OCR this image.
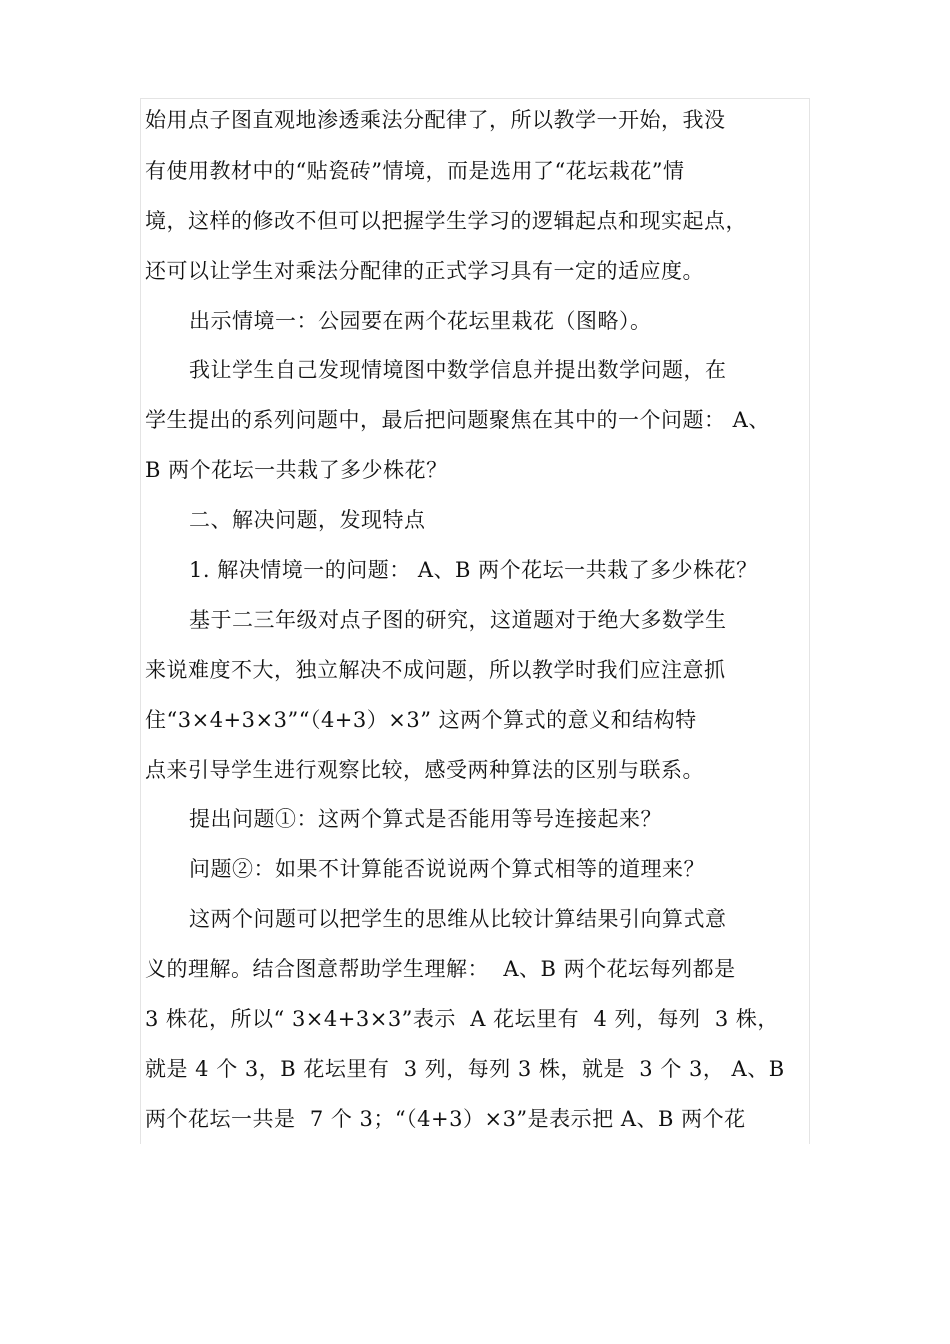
始用点子图直观地渗透乘法分配律了，所以教学一开始，我没
有使用教材中的“贴瓷砖”情境，而是选用了“花坛栽花”情
境，这样的修改不但可以把握学生学习的逻辑起点和现实起点，
还可以让学生对乘法分配律的正式学习具有一定的适应度。
出示情境一：公园要在两个花坛里栽花（图略）。
我让学生自己发现情境图中数学信息并提出数学问题，在
学生提出的系列问题中，最后把问题聚焦在其中的一个问题： A、
B 两个花坛一共栽了多少株花？
二、解决问题，发现特点
1. 解决情境一的问题： A、B 两个花坛一共栽了多少株花？
基于二三年级对点子图的研究，这道题对于绝大多数学生
来说难度不大，独立解决不成问题，所以教学时我们应注意抓
住“3×4+3×3”“（4+3）×3” 这两个算式的意义和结构特
点来引导学生进行观察比较，感受两种算法的区别与联系。
提出问题①：这两个算式是否能用等号连接起来？
问题②：如果不计算能否说说两个算式相等的道理来？
这两个问题可以把学生的思维从比较计算结果引向算式意
义的理解。结合图意帮助学生理解：  A、B 两个花坛每列都是
3 株花，所以“ 3×4+3×3”表示  A 花坛里有  4 列，每列  3 株，
就是 4 个 3，B 花坛里有  3 列，每列 3 株，就是  3 个 3， A、B
两个花坛一共是  7 个 3；“（4+3）×3”是表示把 A、B 两个花
